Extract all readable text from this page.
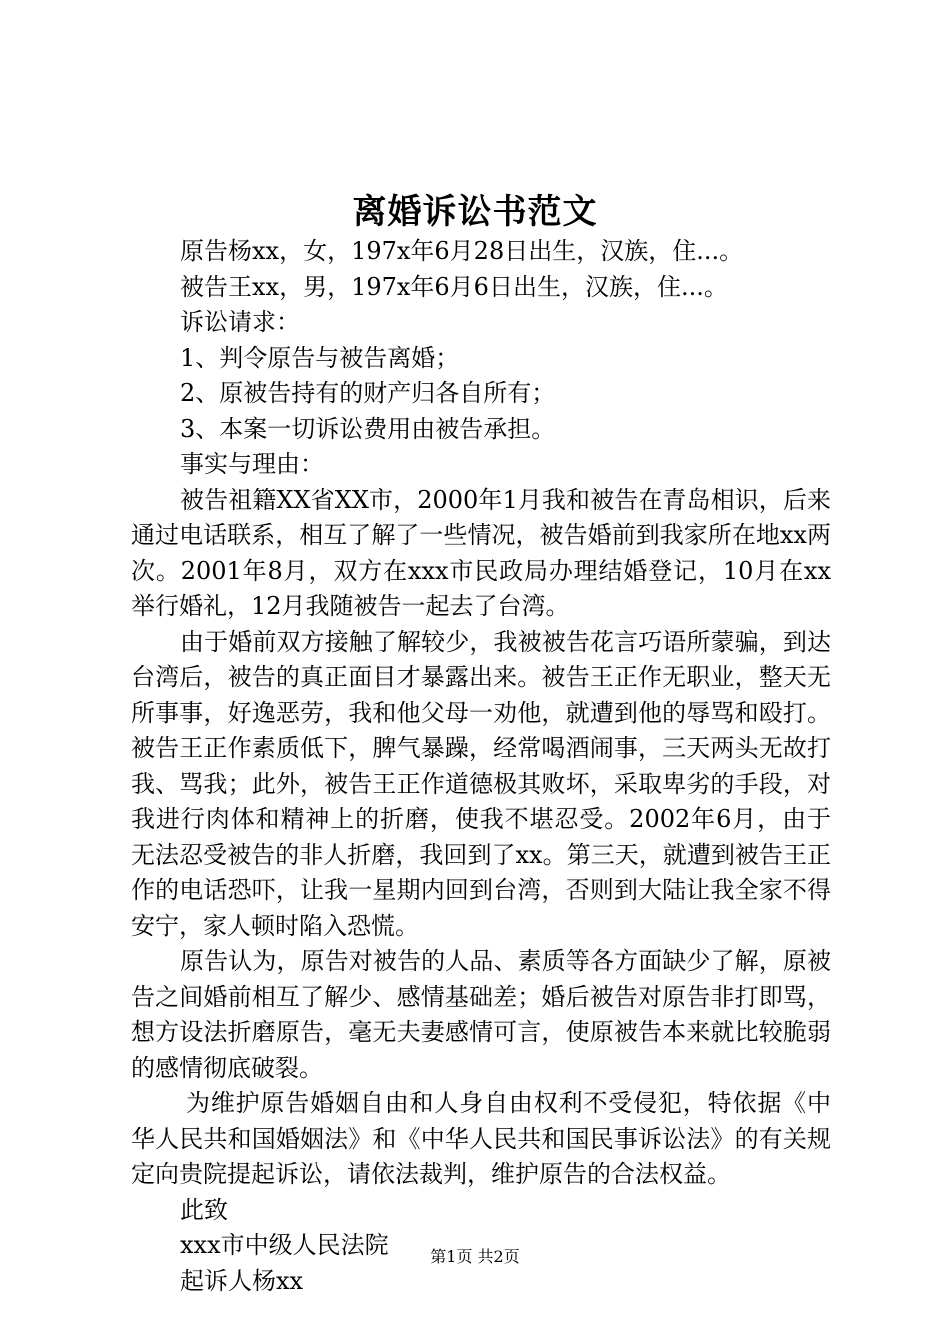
离婚诉讼书范文
原告杨xx，女，197x年6月28日出生，汉族，住...。
被告王xx，男，197x年6月6日出生，汉族，住...。
诉讼请求：
1、判令原告与被告离婚；
2、原被告持有的财产归各自所有；
3、本案一切诉讼费用由被告承担。
事实与理由：

被告祖籍XX省XX市，2000年1月我和被告在青岛相识，后来通过电话联系，相互了解了一些情况，被告婚前到我家所在地xx两次。2001年8月，双方在xxx市民政局办理结婚登记，10月在xx举行婚礼，12月我随被告一起去了台湾。

由于婚前双方接触了解较少，我被被告花言巧语所蒙骗，到达台湾后，被告的真正面目才暴露出来。被告王正作无职业，整天无所事事，好逸恶劳，我和他父母一劝他，就遭到他的辱骂和殴打。被告王正作素质低下，脾气暴躁，经常喝酒闹事，三天两头无故打我、骂我；此外，被告王正作道德极其败坏，采取卑劣的手段，对我进行肉体和精神上的折磨，使我不堪忍受。2002年6月，由于无法忍受被告的非人折磨，我回到了xx。第三天，就遭到被告王正作的电话恐吓，让我一星期内回到台湾，否则到大陆让我全家不得安宁，家人顿时陷入恐慌。

原告认为，原告对被告的人品、素质等各方面缺少了解，原被告之间婚前相互了解少、感情基础差；婚后被告对原告非打即骂，想方设法折磨原告，毫无夫妻感情可言，使原被告本来就比较脆弱的感情彻底破裂。

为维护原告婚姻自由和人身自由权利不受侵犯，特依据《中华人民共和国婚姻法》和《中华人民共和国民事诉讼法》的有关规定向贵院提起诉讼，请依法裁判，维护原告的合法权益。

此致
xxx市中级人民法院
起诉人杨xx
第1页 共2页
